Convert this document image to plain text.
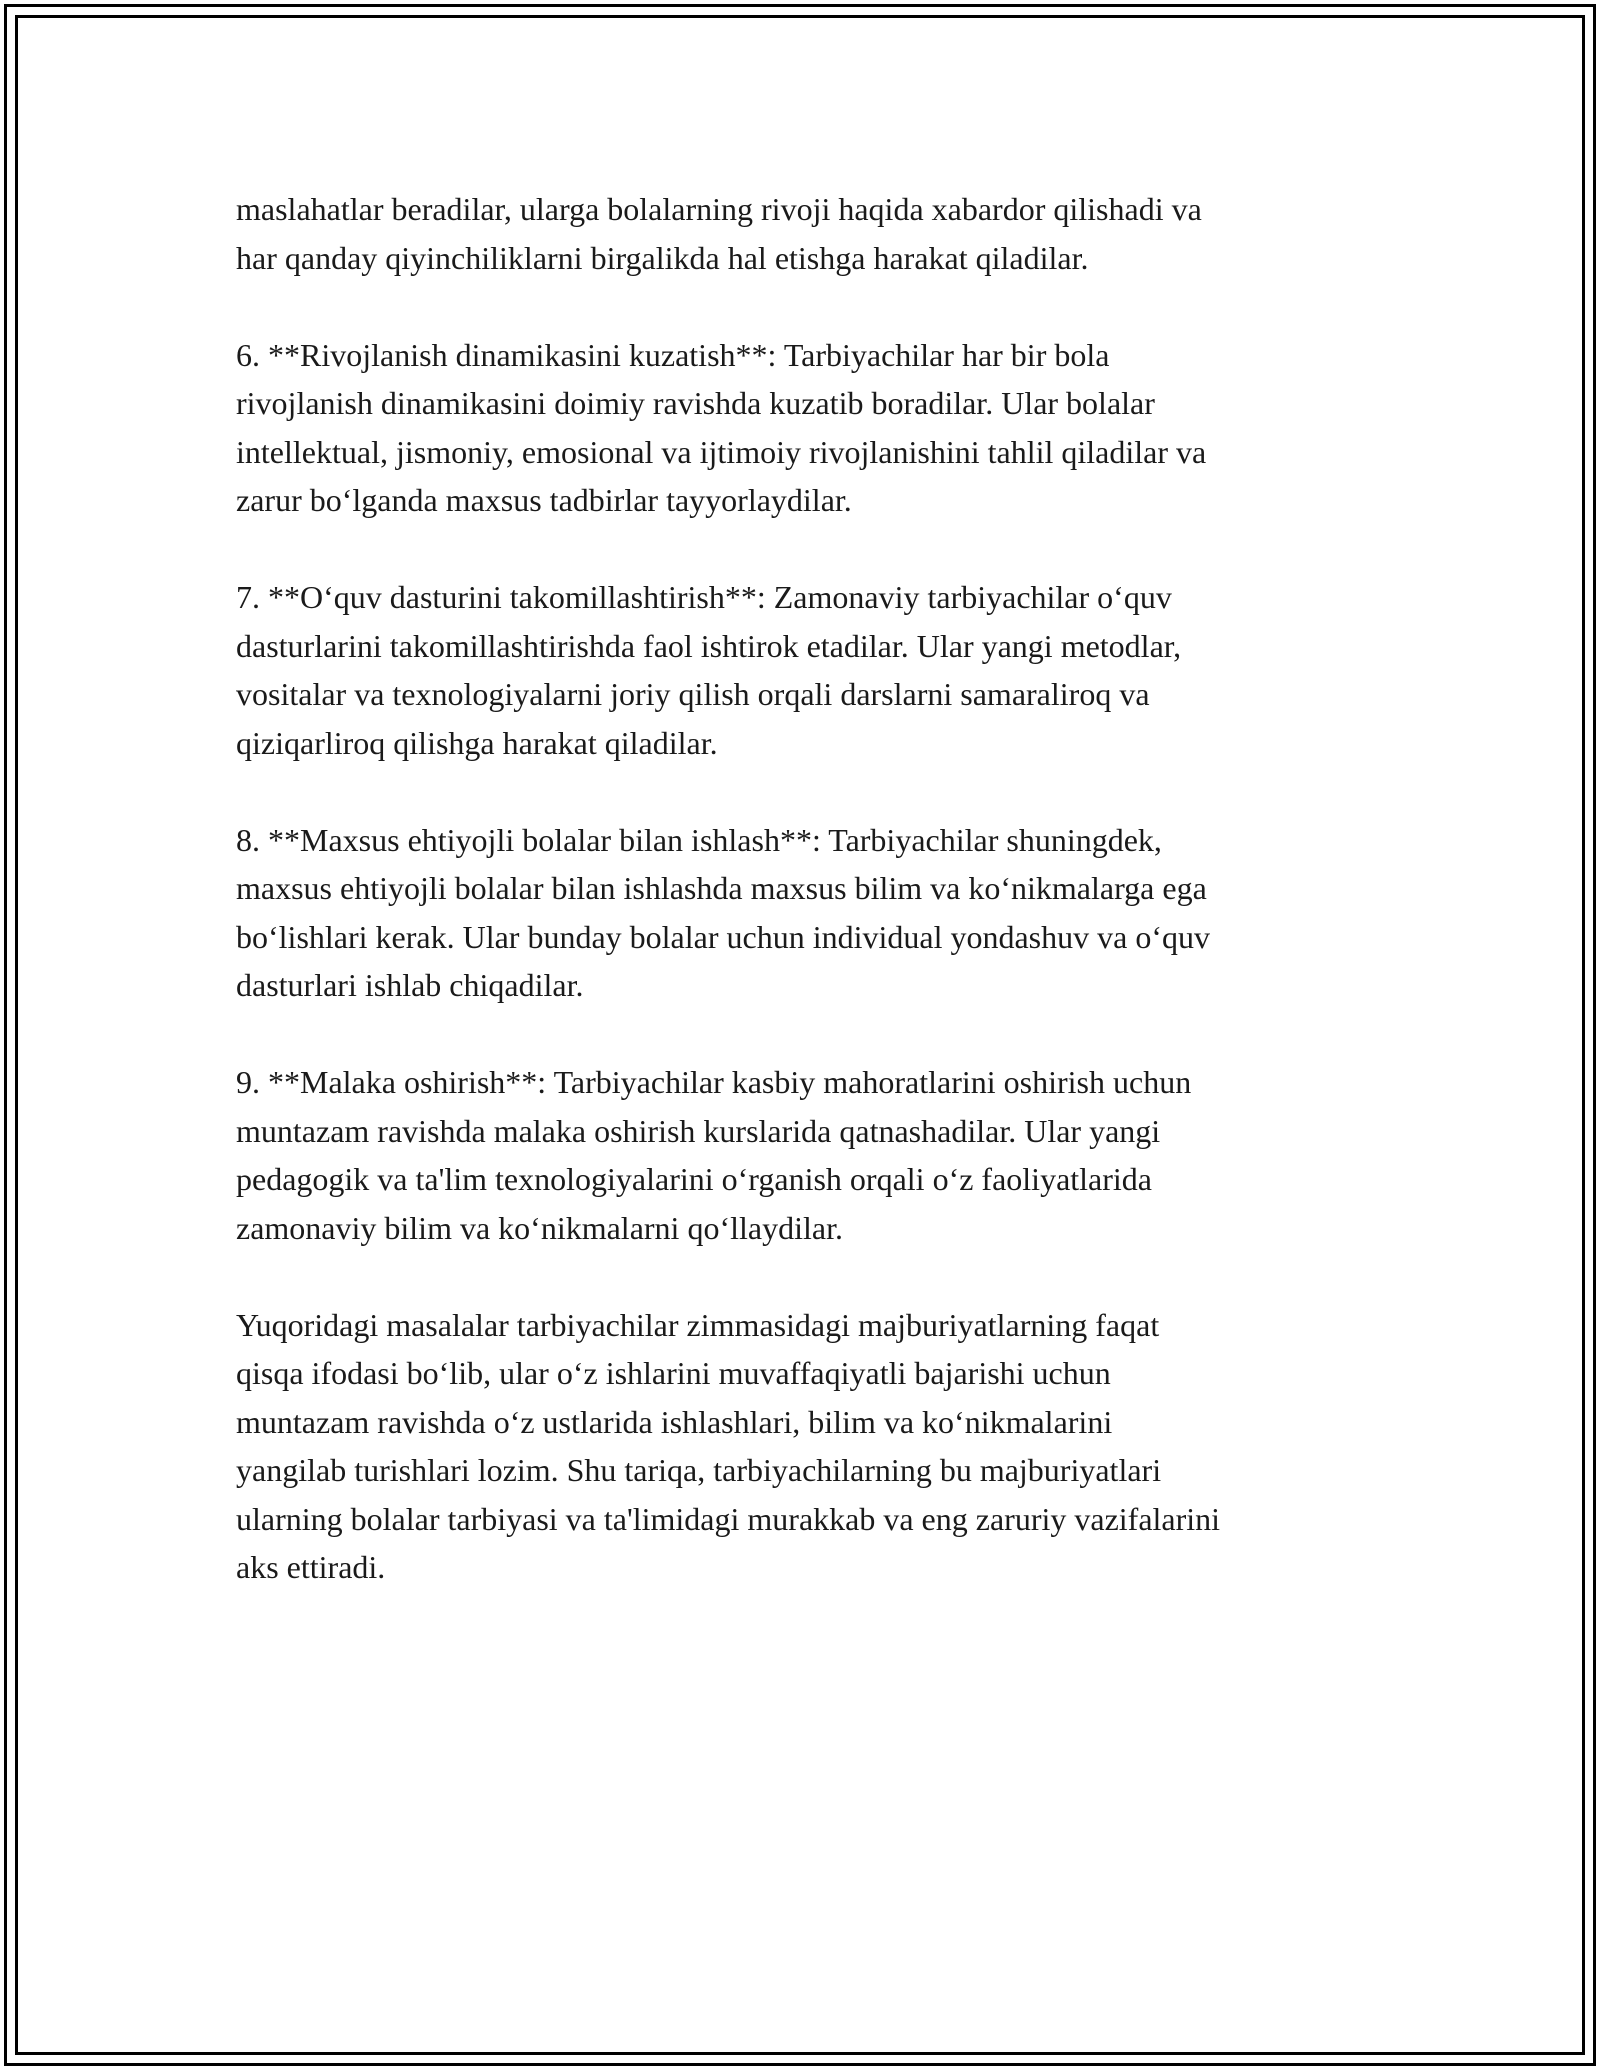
maslahatlar beradilar, ularga bolalarning rivoji haqida xabardor qilishadi va
har qanday qiyinchiliklarni birgalikda hal etishga harakat qiladilar.

6. **Rivojlanish dinamikasini kuzatish**: Tarbiyachilar har bir bola
rivojlanish dinamikasini doimiy ravishda kuzatib boradilar. Ular bolalar
intellektual, jismoniy, emosional va ijtimoiy rivojlanishini tahlil qiladilar va
zarur bo‘lganda maxsus tadbirlar tayyorlaydilar.

7. **O‘quv dasturini takomillashtirish**: Zamonaviy tarbiyachilar o‘quv
dasturlarini takomillashtirishda faol ishtirok etadilar. Ular yangi metodlar,
vositalar va texnologiyalarni joriy qilish orqali darslarni samaraliroq va
qiziqarliroq qilishga harakat qiladilar.

8. **Maxsus ehtiyojli bolalar bilan ishlash**: Tarbiyachilar shuningdek,
maxsus ehtiyojli bolalar bilan ishlashda maxsus bilim va ko‘nikmalarga ega
bo‘lishlari kerak. Ular bunday bolalar uchun individual yondashuv va o‘quv
dasturlari ishlab chiqadilar.

9. **Malaka oshirish**: Tarbiyachilar kasbiy mahoratlarini oshirish uchun
muntazam ravishda malaka oshirish kurslarida qatnashadilar. Ular yangi
pedagogik va ta'lim texnologiyalarini o‘rganish orqali o‘z faoliyatlarida
zamonaviy bilim va ko‘nikmalarni qo‘llaydilar.

Yuqoridagi masalalar tarbiyachilar zimmasidagi majburiyatlarning faqat
qisqa ifodasi bo‘lib, ular o‘z ishlarini muvaffaqiyatli bajarishi uchun
muntazam ravishda o‘z ustlarida ishlashlari, bilim va ko‘nikmalarini
yangilab turishlari lozim. Shu tariqa, tarbiyachilarning bu majburiyatlari
ularning bolalar tarbiyasi va ta'limidagi murakkab va eng zaruriy vazifalarini
aks ettiradi.
